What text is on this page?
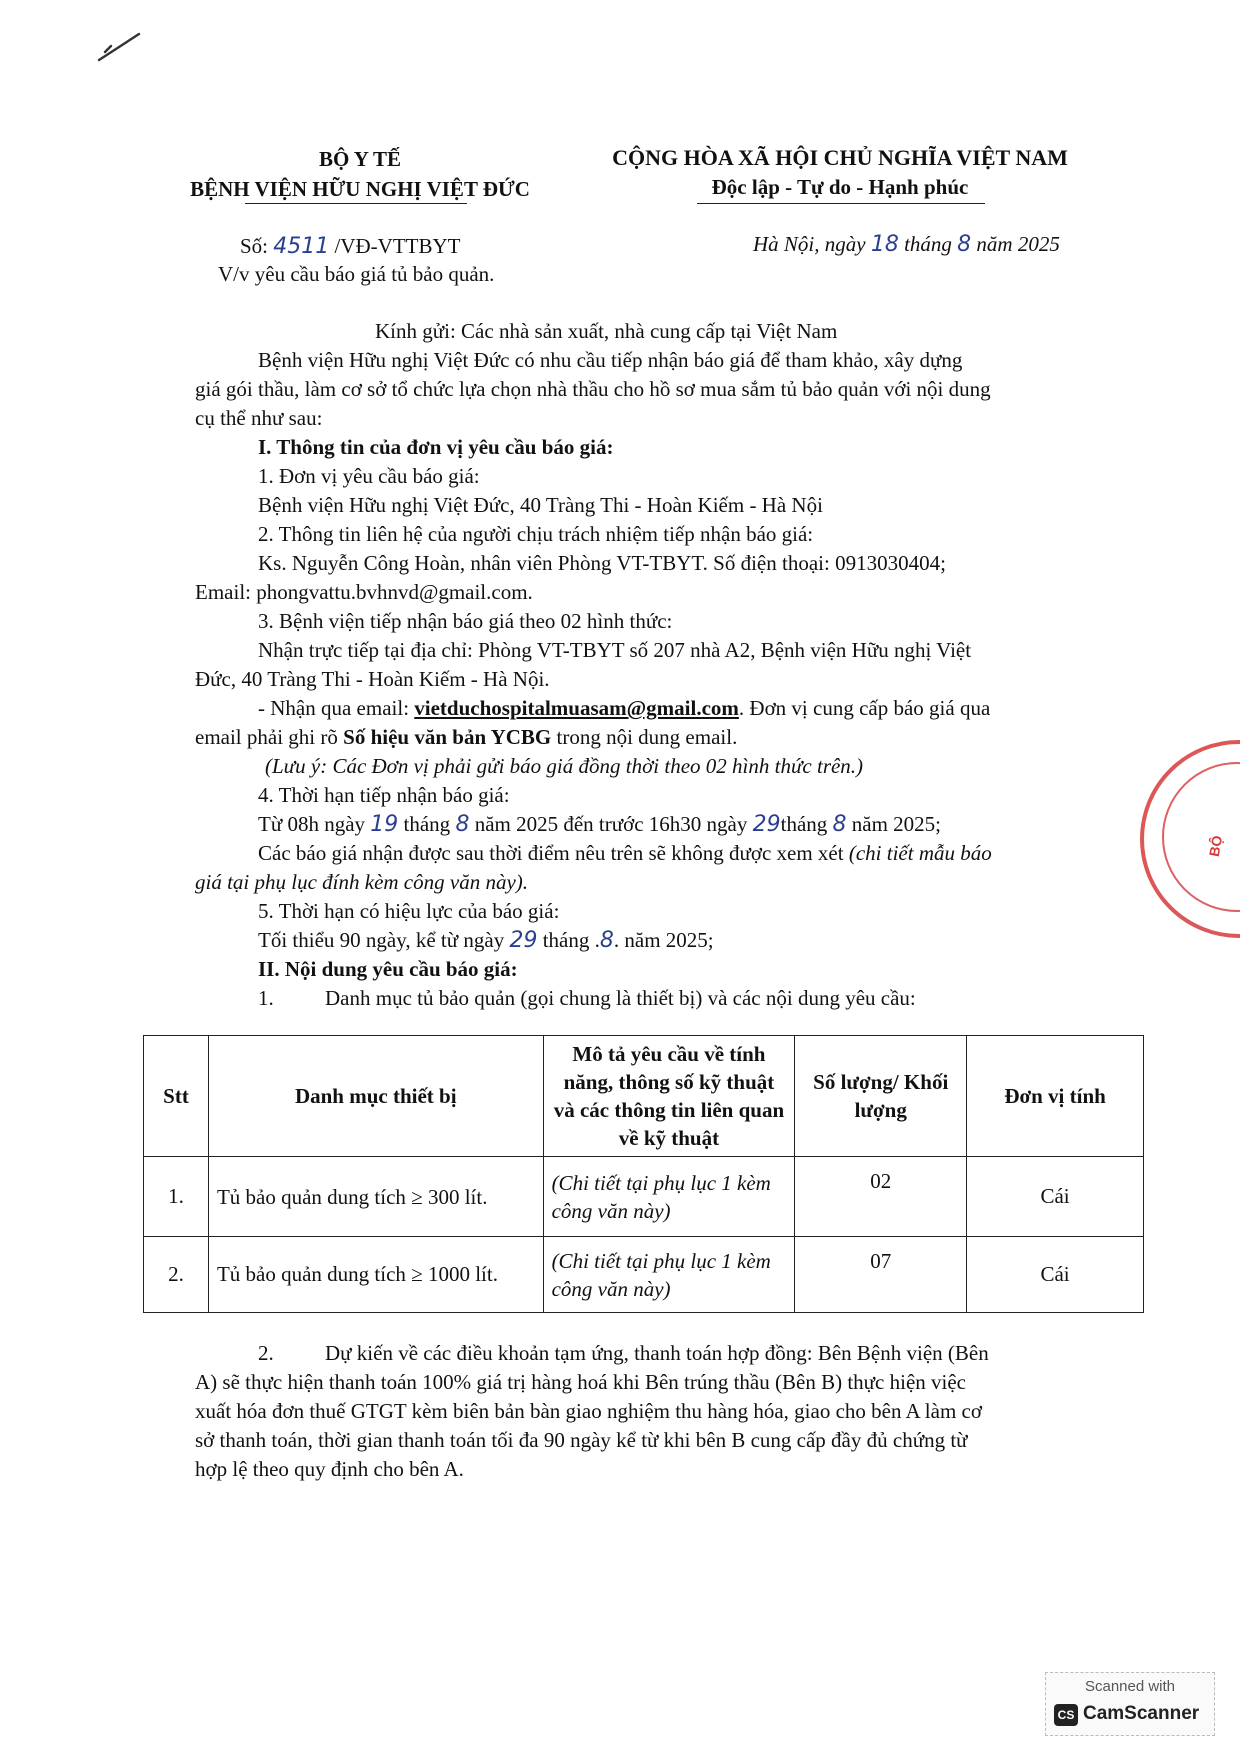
BỘ Y TẾ
BỆNH VIỆN HỮU NGHỊ VIỆT ĐỨC
CỘNG HÒA XÃ HỘI CHỦ NGHĨA VIỆT NAM
Độc lập - Tự do - Hạnh phúc
Số: 4511 /VĐ-VTTBYT	Hà Nội, ngày 18 tháng 8 năm 2025
V/v yêu cầu báo giá tủ bảo quản.
Kính gửi: Các nhà sản xuất, nhà cung cấp tại Việt Nam
Bệnh viện Hữu nghị Việt Đức có nhu cầu tiếp nhận báo giá để tham khảo, xây dựng
giá gói thầu, làm cơ sở tổ chức lựa chọn nhà thầu cho hồ sơ mua sắm tủ bảo quản với nội dung
cụ thể như sau:
I. Thông tin của đơn vị yêu cầu báo giá:
1. Đơn vị yêu cầu báo giá:
Bệnh viện Hữu nghị Việt Đức, 40 Tràng Thi - Hoàn Kiếm - Hà Nội
2. Thông tin liên hệ của người chịu trách nhiệm tiếp nhận báo giá:
Ks. Nguyễn Công Hoàn, nhân viên Phòng VT-TBYT. Số điện thoại: 0913030404;
Email: phongvattu.bvhnvd@gmail.com.
3. Bệnh viện tiếp nhận báo giá theo 02 hình thức:
Nhận trực tiếp tại địa chỉ: Phòng VT-TBYT số 207 nhà A2, Bệnh viện Hữu nghị Việt
Đức, 40 Tràng Thi - Hoàn Kiếm - Hà Nội.
- Nhận qua email: vietduchospitalmuasam@gmail.com. Đơn vị cung cấp báo giá qua
email phải ghi rõ Số hiệu văn bản YCBG trong nội dung email.
(Lưu ý: Các Đơn vị phải gửi báo giá đồng thời theo 02 hình thức trên.)
4. Thời hạn tiếp nhận báo giá:
Từ 08h ngày 19 tháng 8 năm 2025 đến trước 16h30 ngày 29tháng 8 năm 2025;
Các báo giá nhận được sau thời điểm nêu trên sẽ không được xem xét (chi tiết mẫu báo
giá tại phụ lục đính kèm công văn này).
5. Thời hạn có hiệu lực của báo giá:
Tối thiểu 90 ngày, kể từ ngày 29 tháng .8. năm 2025;
II. Nội dung yêu cầu báo giá:
1. Danh mục tủ bảo quản (gọi chung là thiết bị) và các nội dung yêu cầu:
Stt	Danh mục thiết bị	Mô tả yêu cầu về tính năng, thông số kỹ thuật và các thông tin liên quan về kỹ thuật	Số lượng/ Khối lượng	Đơn vị tính
1.	Tủ bảo quản dung tích ≥ 300 lít.	(Chi tiết tại phụ lục 1 kèm công văn này)	02	Cái
2.	Tủ bảo quản dung tích ≥ 1000 lít.	(Chi tiết tại phụ lục 1 kèm công văn này)	07	Cái
2. Dự kiến về các điều khoản tạm ứng, thanh toán hợp đồng: Bên Bệnh viện (Bên
A) sẽ thực hiện thanh toán 100% giá trị hàng hoá khi Bên trúng thầu (Bên B) thực hiện việc
xuất hóa đơn thuế GTGT kèm biên bản bàn giao nghiệm thu hàng hóa, giao cho bên A làm cơ
sở thanh toán, thời gian thanh toán tối đa 90 ngày kể từ khi bên B cung cấp đầy đủ chứng từ
hợp lệ theo quy định cho bên A.
BỘ
Scanned with
CS CamScanner
